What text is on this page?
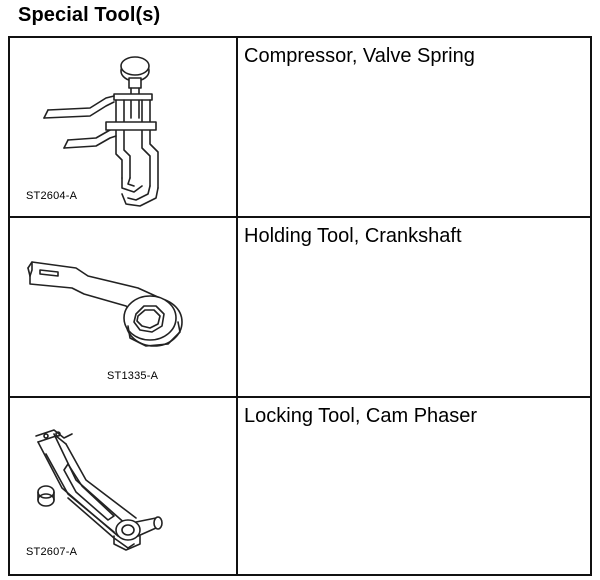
Special Tool(s)
ST2604-A	Compressor, Valve Spring

ST1335-A	Holding Tool, Crankshaft

ST2607-A	Locking Tool, Cam Phaser
